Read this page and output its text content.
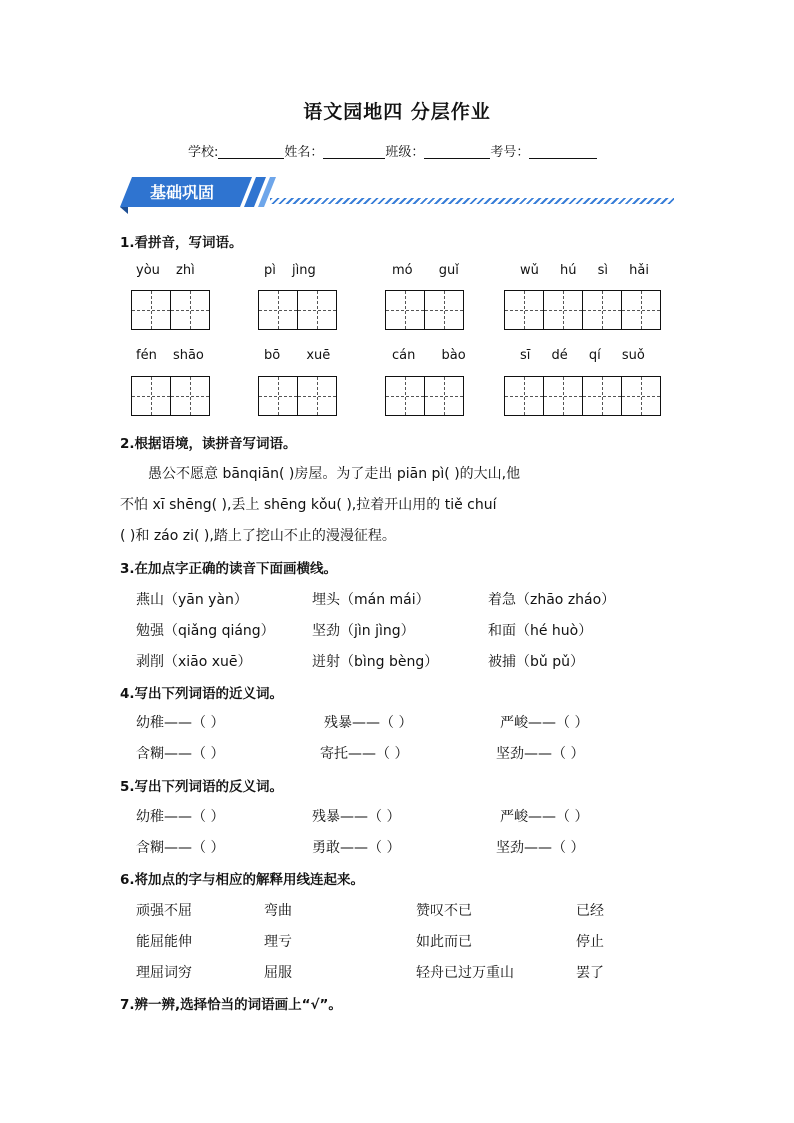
语文园地四 分层作业
学校:	姓名：	班级：	考号：
基础巩固
1.看拼音，写词语。
yòu zhì	pì jìng	mó guǐ	wǔ hú sì hǎi
fén shāo	bō xuē	cán bào	sī dé qí suǒ
2.根据语境，读拼音写词语。
愚公不愿意 bānqiān( )房屋。为了走出 piān pì( )的大山,他
不怕 xī shēng( ),丢上 shēng kǒu( ),拉着开山用的 tiě chuí
( )和 záo zi( ),踏上了挖山不止的漫漫征程。
3.在加点字正确的读音下面画横线。
燕山（yān yàn）	埋头（mán mái）	着急（zhāo zháo）
勉强（qiǎng qiáng）	坚劲（jìn jìng）	和面（hé huò）
剥削（xiāo xuē）	迸射（bìng bèng）	被捕（bǔ pǔ）
4.写出下列词语的近义词。
幼稚——（ ）	残暴——（ ）	严峻——（ ）
含糊——（ ）	寄托——（ ）	坚劲——（ ）
5.写出下列词语的反义词。
幼稚——（ ）	残暴——（ ）	严峻——（ ）
含糊——（ ）	勇敢——（ ）	坚劲——（ ）
6.将加点的字与相应的解释用线连起来。
顽强不屈	弯曲	赞叹不已	已经
能屈能伸	理亏	如此而已	停止
理屈词穷	屈服	轻舟已过万重山	罢了
7.辨一辨,选择恰当的词语画上“√”。
